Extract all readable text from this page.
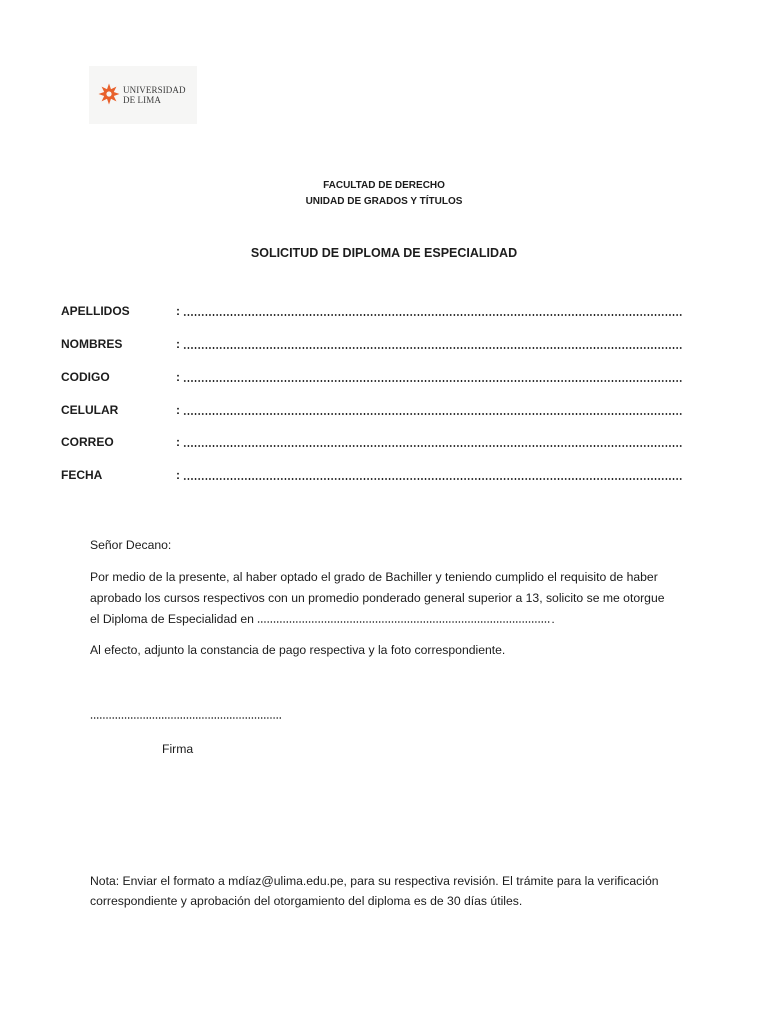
UNIVERSIDAD
DE LIMA
FACULTAD DE DERECHO
UNIDAD DE GRADOS Y TÍTULOS
SOLICITUD DE DIPLOMA DE ESPECIALIDAD
APELLIDOS	:
NOMBRES	:
CODIGO	:
CELULAR	:
CORREO	:
FECHA	:
Señor Decano:
Por medio de la presente, al haber optado el grado de Bachiller y teniendo cumplido el requisito de haber
aprobado los cursos respectivos con un promedio ponderado general superior a 13, solicito se me otorgue
el Diploma de Especialidad en	.
Al efecto, adjunto la constancia de pago respectiva y la foto correspondiente.
Firma
Nota: Enviar el formato a mdíaz@ulima.edu.pe, para su respectiva revisión. El trámite para la verificación
correspondiente y aprobación del otorgamiento del diploma es de 30 días útiles.
